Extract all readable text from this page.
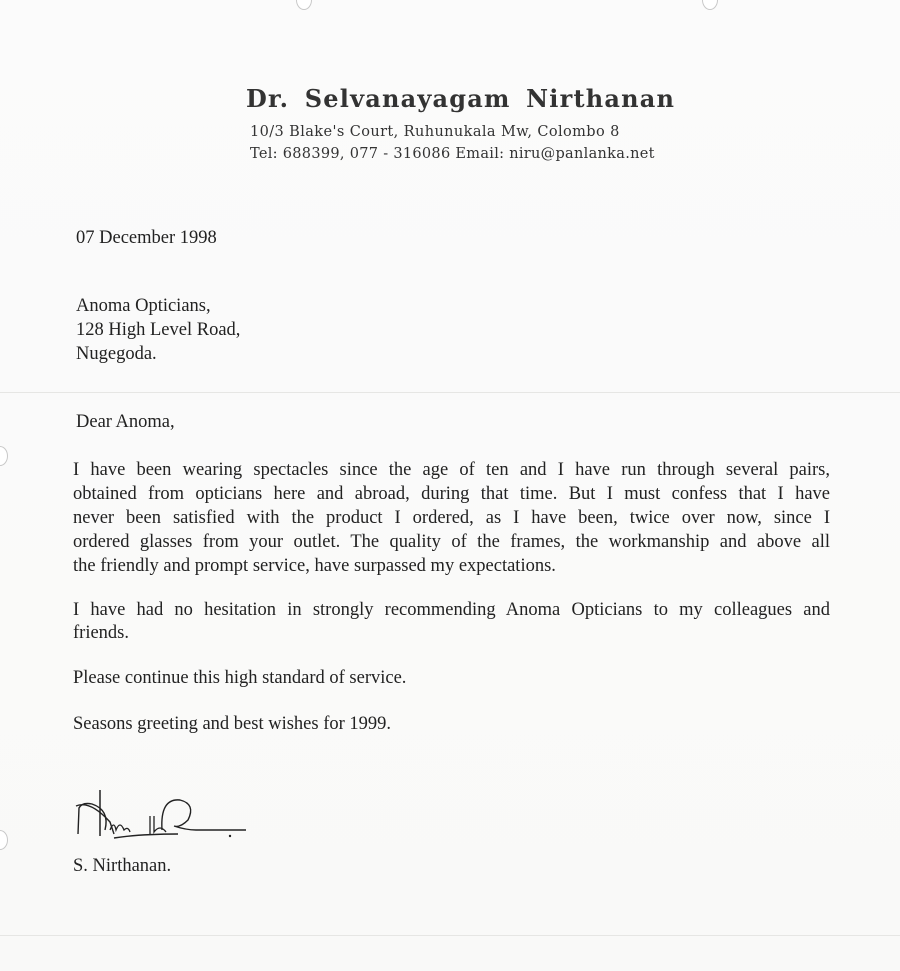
Dr. Selvanayagam Nirthanan
10/3 Blake's Court, Ruhunukala Mw, Colombo 8
Tel: 688399, 077 - 316086 Email: niru@panlanka.net
07 December 1998
Anoma Opticians,
128 High Level Road,
Nugegoda.
Dear Anoma,
I have been wearing spectacles since the age of ten and I have run through several pairs,
obtained from opticians here and abroad, during that time. But I must confess that I have
never been satisfied with the product I ordered, as I have been, twice over now, since I
ordered glasses from your outlet. The quality of the frames, the workmanship and above all
the friendly and prompt service, have surpassed my expectations.
I have had no hesitation in strongly recommending Anoma Opticians to my colleagues and
friends.
Please continue this high standard of service.
Seasons greeting and best wishes for 1999.
S. Nirthanan.
